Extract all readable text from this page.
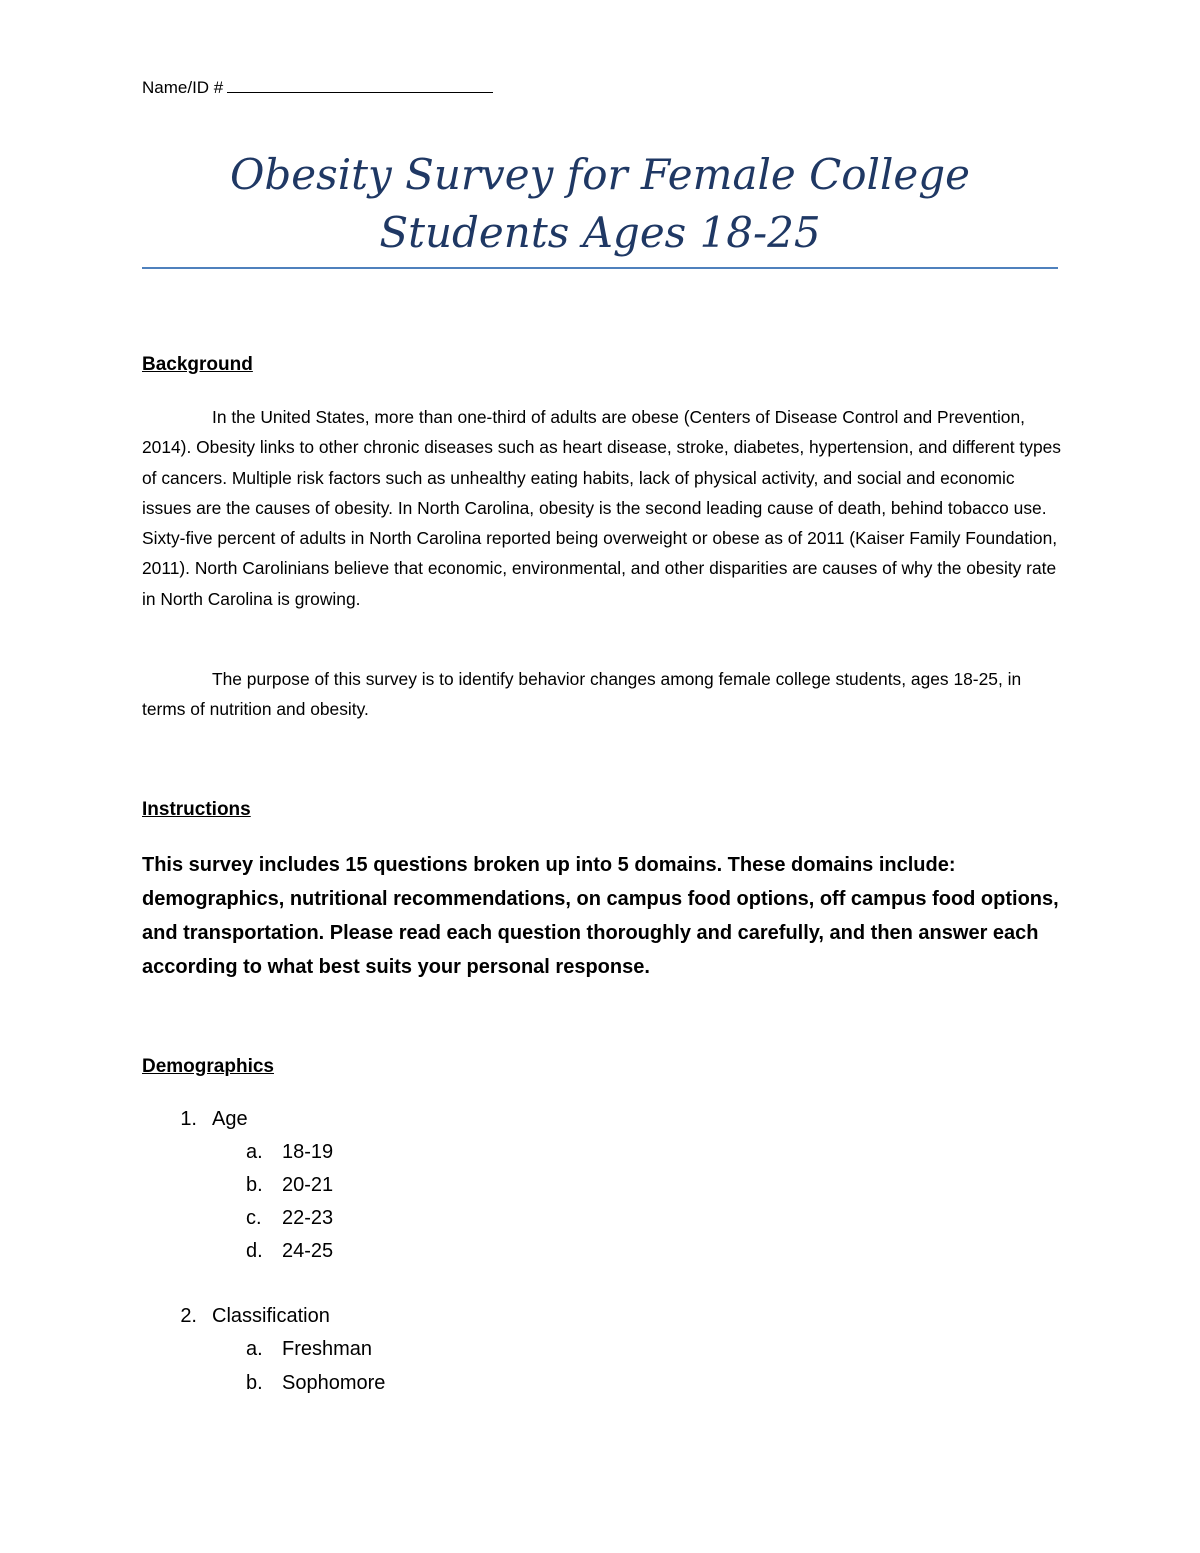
Name/ID #
Obesity Survey for Female College
Students Ages 18-25
Background

In the United States, more than one-third of adults are obese (Centers of Disease Control and Prevention, 2014). Obesity links to other chronic diseases such as heart disease, stroke, diabetes, hypertension, and different types of cancers. Multiple risk factors such as unhealthy eating habits, lack of physical activity, and social and economic issues are the causes of obesity. In North Carolina, obesity is the second leading cause of death, behind tobacco use. Sixty-five percent of adults in North Carolina reported being overweight or obese as of 2011 (Kaiser Family Foundation, 2011). North Carolinians believe that economic, environmental, and other disparities are causes of why the obesity rate in North Carolina is growing.

The purpose of this survey is to identify behavior changes among female college students, ages 18-25, in terms of nutrition and obesity.

Instructions

This survey includes 15 questions broken up into 5 domains. These domains include: demographics, nutritional recommendations, on campus food options, off campus food options, and transportation. Please read each question thoroughly and carefully, and then answer each according to what best suits your personal response.

Demographics
1. Age
a. 18-19
b. 20-21
c. 22-23
d. 24-25
2. Classification
a. Freshman
b. Sophomore
